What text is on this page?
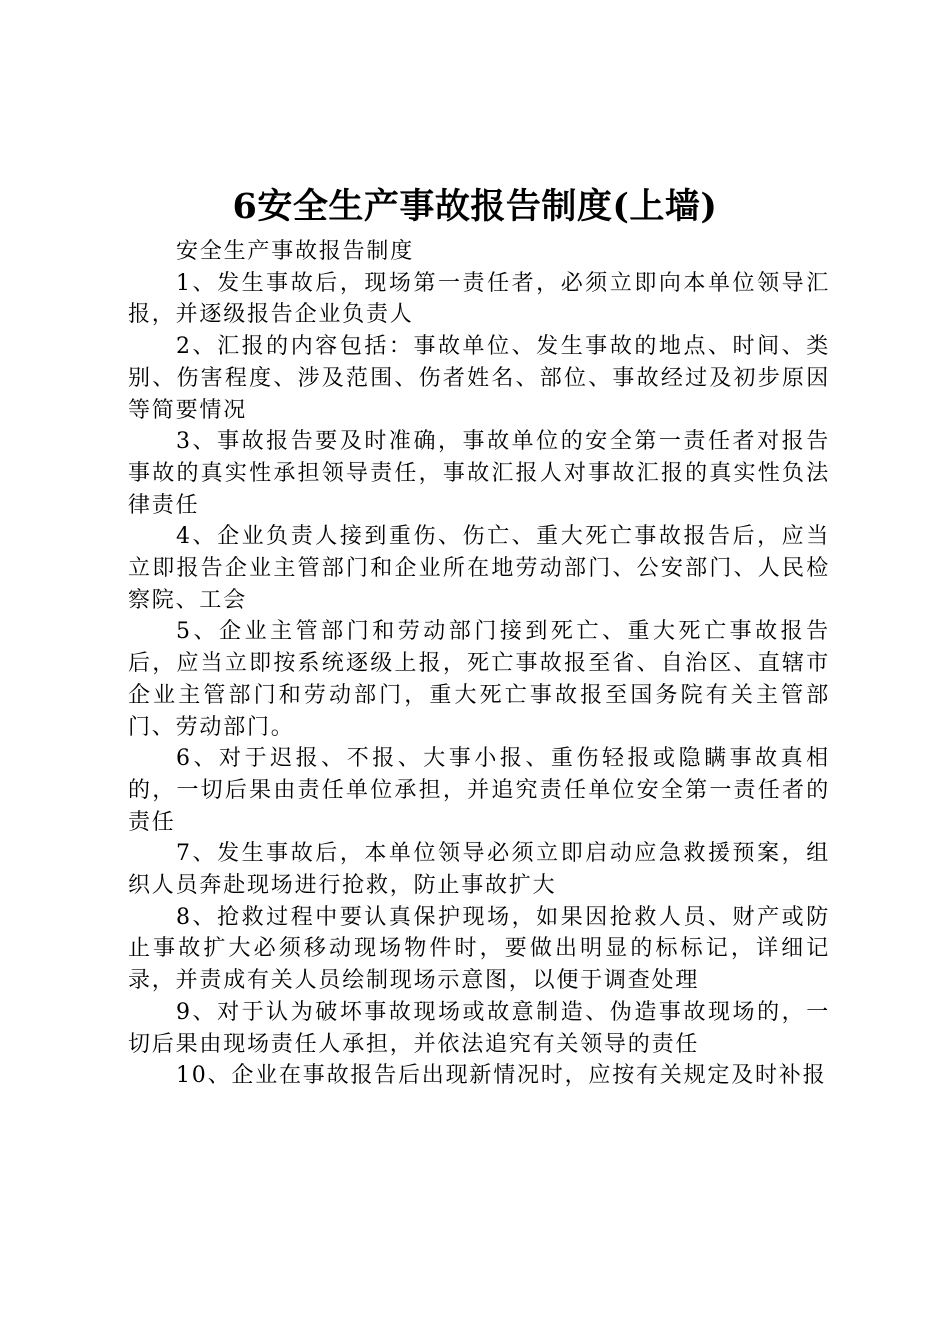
6安全生产事故报告制度(上墙)

安全生产事故报告制度

1、发生事故后，现场第一责任者，必须立即向本单位领导汇报，并逐级报告企业负责人

2、汇报的内容包括：事故单位、发生事故的地点、时间、类别、伤害程度、涉及范围、伤者姓名、部位、事故经过及初步原因等简要情况

3、事故报告要及时准确，事故单位的安全第一责任者对报告事故的真实性承担领导责任，事故汇报人对事故汇报的真实性负法律责任

4、企业负责人接到重伤、伤亡、重大死亡事故报告后，应当立即报告企业主管部门和企业所在地劳动部门、公安部门、人民检察院、工会

5、企业主管部门和劳动部门接到死亡、重大死亡事故报告后，应当立即按系统逐级上报，死亡事故报至省、自治区、直辖市企业主管部门和劳动部门，重大死亡事故报至国务院有关主管部门、劳动部门。

6、对于迟报、不报、大事小报、重伤轻报或隐瞒事故真相的，一切后果由责任单位承担，并追究责任单位安全第一责任者的责任

7、发生事故后，本单位领导必须立即启动应急救援预案，组织人员奔赴现场进行抢救，防止事故扩大

8、抢救过程中要认真保护现场，如果因抢救人员、财产或防止事故扩大必须移动现场物件时，要做出明显的标标记，详细记录，并责成有关人员绘制现场示意图，以便于调查处理

9、对于认为破坏事故现场或故意制造、伪造事故现场的，一切后果由现场责任人承担，并依法追究有关领导的责任

10、企业在事故报告后出现新情况时，应按有关规定及时补报
